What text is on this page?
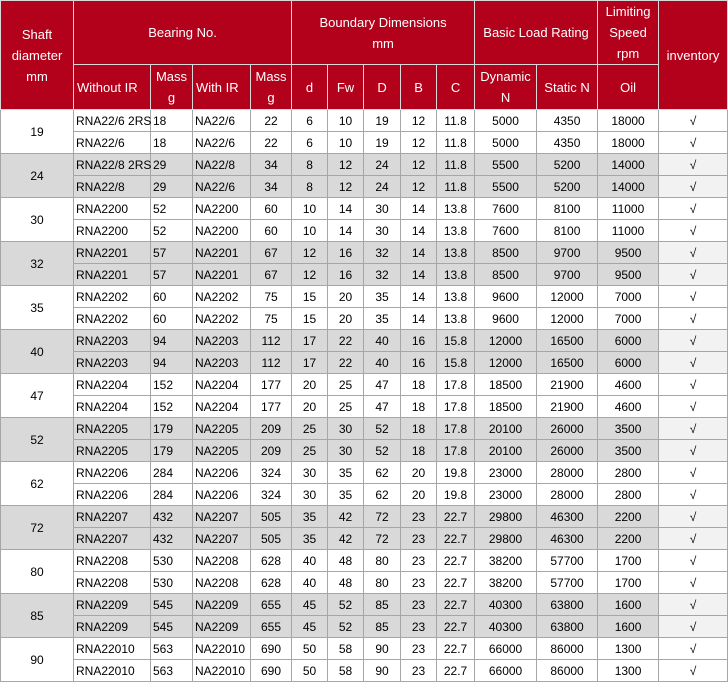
Shaft diameter mm	Bearing No.				Boundary Dimensions mm					Basic Load Rating		Limiting Speed rpm	inventory
	Without IR	Mass g	With IR	Mass g	d	Fw	D	B	C	Dynamic N	Static N	Oil	
19	RNA22/6 2RS	18	NA22/6	22	6	10	19	12	11.8	5000	4350	18000	√
	RNA22/6	18	NA22/6	22	6	10	19	12	11.8	5000	4350	18000	√
24	RNA22/8 2RS	29	NA22/8	34	8	12	24	12	11.8	5500	5200	14000	√
	RNA22/8	29	NA22/6	34	8	12	24	12	11.8	5500	5200	14000	√
30	RNA2200	52	NA2200	60	10	14	30	14	13.8	7600	8100	11000	√
	RNA2200	52	NA2200	60	10	14	30	14	13.8	7600	8100	11000	√
32	RNA2201	57	NA2201	67	12	16	32	14	13.8	8500	9700	9500	√
	RNA2201	57	NA2201	67	12	16	32	14	13.8	8500	9700	9500	√
35	RNA2202	60	NA2202	75	15	20	35	14	13.8	9600	12000	7000	√
	RNA2202	60	NA2202	75	15	20	35	14	13.8	9600	12000	7000	√
40	RNA2203	94	NA2203	112	17	22	40	16	15.8	12000	16500	6000	√
	RNA2203	94	NA2203	112	17	22	40	16	15.8	12000	16500	6000	√
47	RNA2204	152	NA2204	177	20	25	47	18	17.8	18500	21900	4600	√
	RNA2204	152	NA2204	177	20	25	47	18	17.8	18500	21900	4600	√
52	RNA2205	179	NA2205	209	25	30	52	18	17.8	20100	26000	3500	√
	RNA2205	179	NA2205	209	25	30	52	18	17.8	20100	26000	3500	√
62	RNA2206	284	NA2206	324	30	35	62	20	19.8	23000	28000	2800	√
	RNA2206	284	NA2206	324	30	35	62	20	19.8	23000	28000	2800	√
72	RNA2207	432	NA2207	505	35	42	72	23	22.7	29800	46300	2200	√
	RNA2207	432	NA2207	505	35	42	72	23	22.7	29800	46300	2200	√
80	RNA2208	530	NA2208	628	40	48	80	23	22.7	38200	57700	1700	√
	RNA2208	530	NA2208	628	40	48	80	23	22.7	38200	57700	1700	√
85	RNA2209	545	NA2209	655	45	52	85	23	22.7	40300	63800	1600	√
	RNA2209	545	NA2209	655	45	52	85	23	22.7	40300	63800	1600	√
90	RNA22010	563	NA22010	690	50	58	90	23	22.7	66000	86000	1300	√
	RNA22010	563	NA22010	690	50	58	90	23	22.7	66000	86000	1300	√
